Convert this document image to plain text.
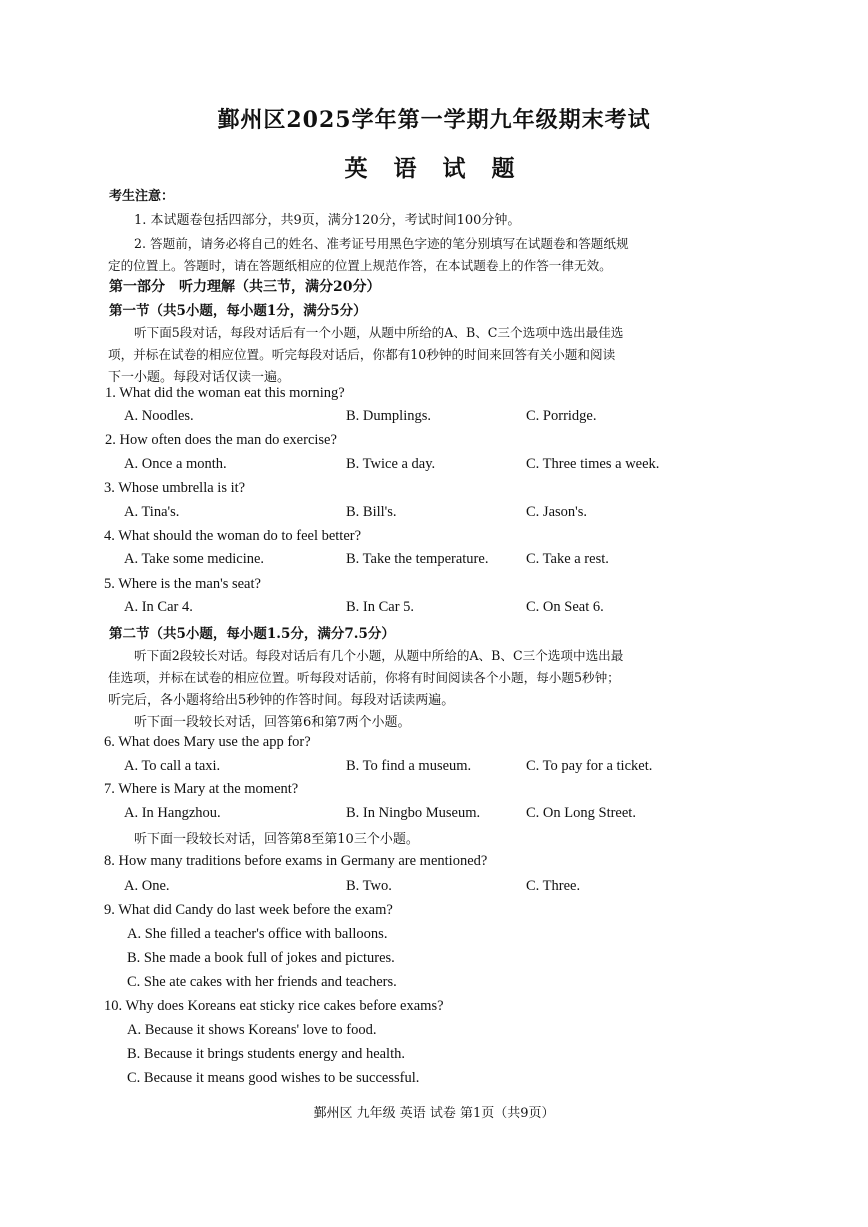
鄞州区2025学年第一学期九年级期末考试
英 语 试 题
考生注意：
1. 本试题卷包括四部分，共9页，满分120分，考试时间100分钟。
2. 答题前，请务必将自己的姓名、准考证号用黑色字迹的笔分别填写在试题卷和答题纸规
定的位置上。答题时，请在答题纸相应的位置上规范作答，在本试题卷上的作答一律无效。
第一部分　听力理解（共三节，满分20分）
第一节（共5小题，每小题1分，满分5分）
听下面5段对话，每段对话后有一个小题，从题中所给的A、B、C三个选项中选出最佳选
项，并标在试卷的相应位置。听完每段对话后，你都有10秒钟的时间来回答有关小题和阅读
下一小题。每段对话仅读一遍。
1. What did the woman eat this morning?
A. Noodles.	B. Dumplings.	C. Porridge.
2. How often does the man do exercise?
A. Once a month.	B. Twice a day.	C. Three times a week.
3. Whose umbrella is it?
A. Tina's.	B. Bill's.	C. Jason's.
4. What should the woman do to feel better?
A. Take some medicine.	B. Take the temperature.	C. Take a rest.
5. Where is the man's seat?
A. In Car 4.	B. In Car 5.	C. On Seat 6.
第二节（共5小题，每小题1.5分，满分7.5分）
听下面2段较长对话。每段对话后有几个小题，从题中所给的A、B、C三个选项中选出最
佳选项，并标在试卷的相应位置。听每段对话前，你将有时间阅读各个小题，每小题5秒钟；
听完后，各小题将给出5秒钟的作答时间。每段对话读两遍。
听下面一段较长对话，回答第6和第7两个小题。
6. What does Mary use the app for?
A. To call a taxi.	B. To find a museum.	C. To pay for a ticket.
7. Where is Mary at the moment?
A. In Hangzhou.	B. In Ningbo Museum.	C. On Long Street.
听下面一段较长对话，回答第8至第10三个小题。
8. How many traditions before exams in Germany are mentioned?
A. One.	B. Two.	C. Three.
9. What did Candy do last week before the exam?
A. She filled a teacher's office with balloons.
B. She made a book full of jokes and pictures.
C. She ate cakes with her friends and teachers.
10. Why does Koreans eat sticky rice cakes before exams?
A. Because it shows Koreans' love to food.
B. Because it brings students energy and health.
C. Because it means good wishes to be successful.
鄞州区 九年级 英语 试卷 第1页（共9页）
